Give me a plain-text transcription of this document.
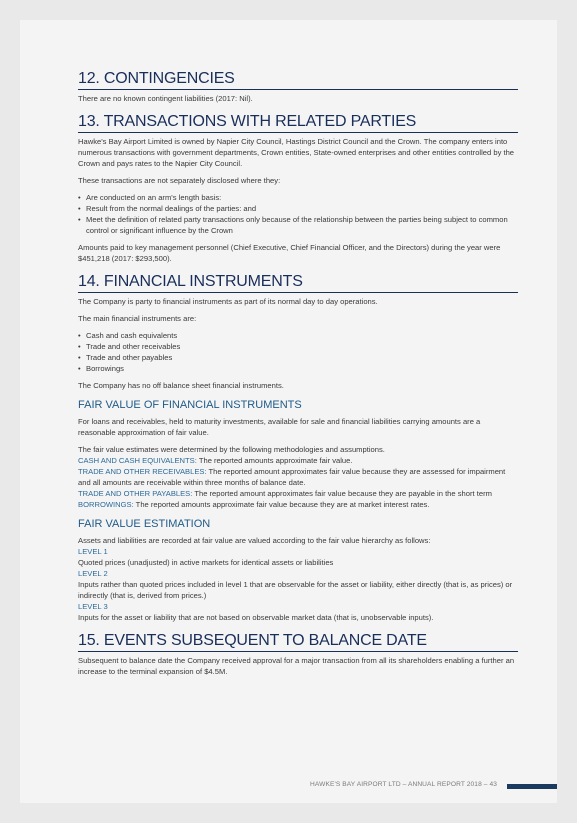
12. CONTINGENCIES

There are no known contingent liabilities (2017: Nil).

13. TRANSACTIONS WITH RELATED PARTIES

Hawke's Bay Airport Limited is owned by Napier City Council, Hastings District Council and the Crown. The company enters into numerous transactions with government departments, Crown entities, State-owned enterprises and other entities controlled by the Crown and pays rates to the Napier City Council.

These transactions are not separately disclosed where they:

• Are conducted on an arm's length basis:
• Result from the normal dealings of the parties: and
• Meet the definition of related party transactions only because of the relationship between the parties being subject to common control or significant influence by the Crown

Amounts paid to key management personnel (Chief Executive, Chief Financial Officer, and the Directors) during the year were $451,218 (2017: $293,500).

14. FINANCIAL INSTRUMENTS

The Company is party to financial instruments as part of its normal day to day operations.

The main financial instruments are:

• Cash and cash equivalents
• Trade and other receivables
• Trade and other payables
• Borrowings

The Company has no off balance sheet financial instruments.

FAIR VALUE OF FINANCIAL INSTRUMENTS

For loans and receivables, held to maturity investments, available for sale and financial liabilities carrying amounts are a reasonable approximation of fair value.

The fair value estimates were determined by the following methodologies and assumptions.

CASH AND CASH EQUIVALENTS: The reported amounts approximate fair value.

TRADE AND OTHER RECEIVABLES: The reported amount approximates fair value because they are assessed for impairment and all amounts are receivable within three months of balance date.

TRADE AND OTHER PAYABLES: The reported amount approximates fair value because they are payable in the short term

BORROWINGS: The reported amounts approximate fair value because they are at market interest rates.

FAIR VALUE ESTIMATION

Assets and liabilities are recorded at fair value are valued according to the fair value hierarchy as follows:

LEVEL 1

Quoted prices (unadjusted) in active markets for identical assets or liabilities

LEVEL 2

Inputs rather than quoted prices included in level 1 that are observable for the asset or liability, either directly (that is, as prices) or indirectly (that is, derived from prices.)

LEVEL 3

Inputs for the asset or liability that are not based on observable market data (that is, unobservable inputs).

15. EVENTS SUBSEQUENT TO BALANCE DATE

Subsequent to balance date the Company received approval for a major transaction from all its shareholders enabling a further an increase to the terminal expansion of $4.5M.

HAWKE'S BAY AIRPORT LTD – ANNUAL REPORT 2018 – 43
